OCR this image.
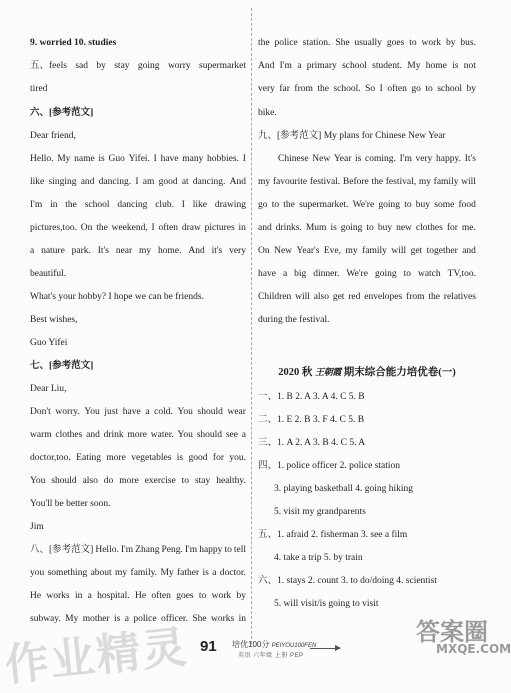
9. worried 10. studies
五、feels sad by stay going worry supermarket
tired
六、[参考范文]
Dear friend,
Hello. My name is Guo Yifei. I have many hobbies. I
like singing and dancing. I am good at dancing. And
I'm in the school dancing club. I like drawing
pictures,too. On the weekend, I often draw pictures in
a nature park. It's near my home. And it's very
beautiful.
What's your hobby? I hope we can be friends.
Best wishes,
Guo Yifei
七、[参考范文]
Dear Liu,
Don't worry. You just have a cold. You should wear
warm clothes and drink more water. You should see a
doctor,too. Eating more vegetables is good for you.
You should also do more exercise to stay healthy.
You'll be better soon.
Jim
八、[参考范文] Hello. I'm Zhang Peng. I'm happy to tell
you something about my family. My father is a doctor.
He works in a hospital. He often goes to work by
subway. My mother is a police officer. She works in
the police station. She usually goes to work by bus.
And I'm a primary school student. My home is not
very far from the school. So I often go to school by
bike.
九、[参考范文] My plans for Chinese New Year
Chinese New Year is coming. I'm very happy. It's
my favourite festival. Before the festival, my family will
go to the supermarket. We're going to buy some food
and drinks. Mum is going to buy new clothes for me.
On New Year's Eve, my family will get together and
have a big dinner. We're going to watch TV,too.
Children will also get red envelopes from the relatives
during the festival.
2020 秋 王朝霞 期末综合能力培优卷(一)
一、1. B 2. A 3. A 4. C 5. B
二、1. E 2. B 3. F 4. C 5. B
三、1. A 2. A 3. B 4. C 5. A
四、1. police officer 2. police station
3. playing basketball 4. going hiking
5. visit my grandparents
五、1. afraid 2. fisherman 3. see a film
4. take a trip 5. by train
六、1. stays 2. count 3. to do/doing 4. scientist
5. will visit/is going to visit
91 培优100分 PEIYOU100FEN
英语 六年级 上册 PEP
作业精灵	答案圈
MXQE.COM
